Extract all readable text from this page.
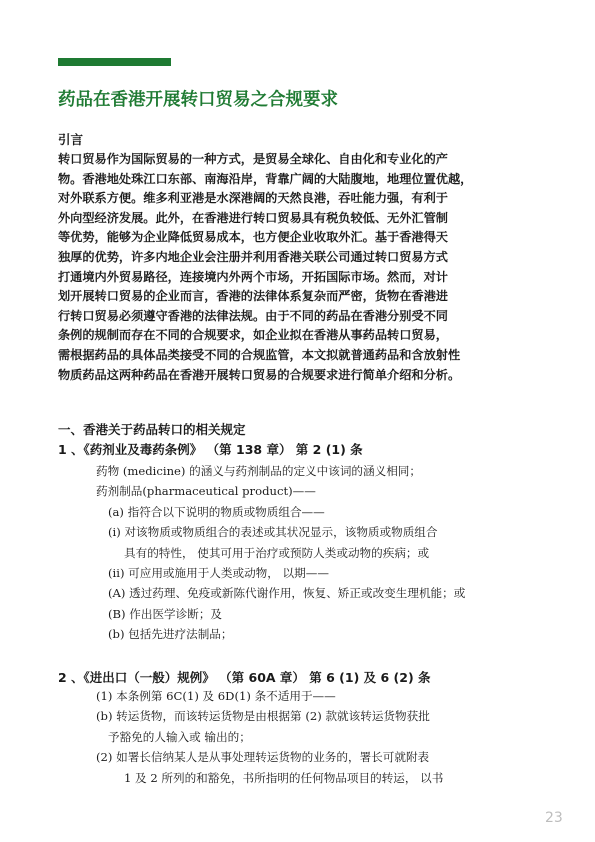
药品在香港开展转口贸易之合规要求
引言
转口贸易作为国际贸易的一种方式，是贸易全球化、自由化和专业化的产
物。香港地处珠江口东部、南海沿岸，背靠广阔的大陆腹地，地理位置优越，
对外联系方便。维多利亚港是水深港阔的天然良港，吞吐能力强，有利于
外向型经济发展。此外，在香港进行转口贸易具有税负较低、无外汇管制
等优势，能够为企业降低贸易成本，也方便企业收取外汇。基于香港得天
独厚的优势，许多内地企业会注册并利用香港关联公司通过转口贸易方式
打通境内外贸易路径，连接境内外两个市场，开拓国际市场。然而，对计
划开展转口贸易的企业而言，香港的法律体系复杂而严密，货物在香港进
行转口贸易必须遵守香港的法律法规。由于不同的药品在香港分别受不同
条例的规制而存在不同的合规要求，如企业拟在香港从事药品转口贸易，
需根据药品的具体品类接受不同的合规监管，本文拟就普通药品和含放射性
物质药品这两种药品在香港开展转口贸易的合规要求进行简单介绍和分析。
一、香港关于药品转口的相关规定
1 、《药剂业及毒药条例》 （第 138 章） 第 2 (1) 条
药物 (medicine) 的涵义与药剂制品的定义中该词的涵义相同；
药剂制品(pharmaceutical product)——
(a) 指符合以下说明的物质或物质组合——
(i) 对该物质或物质组合的表述或其状况显示，该物质或物质组合
具有的特性， 使其可用于治疗或预防人类或动物的疾病；或
(ii) 可应用或施用于人类或动物， 以期——
(A) 透过药理、免疫或新陈代谢作用，恢复、矫正或改变生理机能；或
(B) 作出医学诊断；及
(b) 包括先进疗法制品；
2 、《进出口（一般）规例》 （第 60A 章） 第 6 (1) 及 6 (2) 条
(1) 本条例第 6C(1) 及 6D(1) 条不适用于——
(b) 转运货物，而该转运货物是由根据第 (2) 款就该转运货物获批
予豁免的人输入或 输出的；
(2) 如署长信纳某人是从事处理转运货物的业务的，署长可就附表
1 及 2 所列的和豁免，书所指明的任何物品项目的转运， 以书
23
